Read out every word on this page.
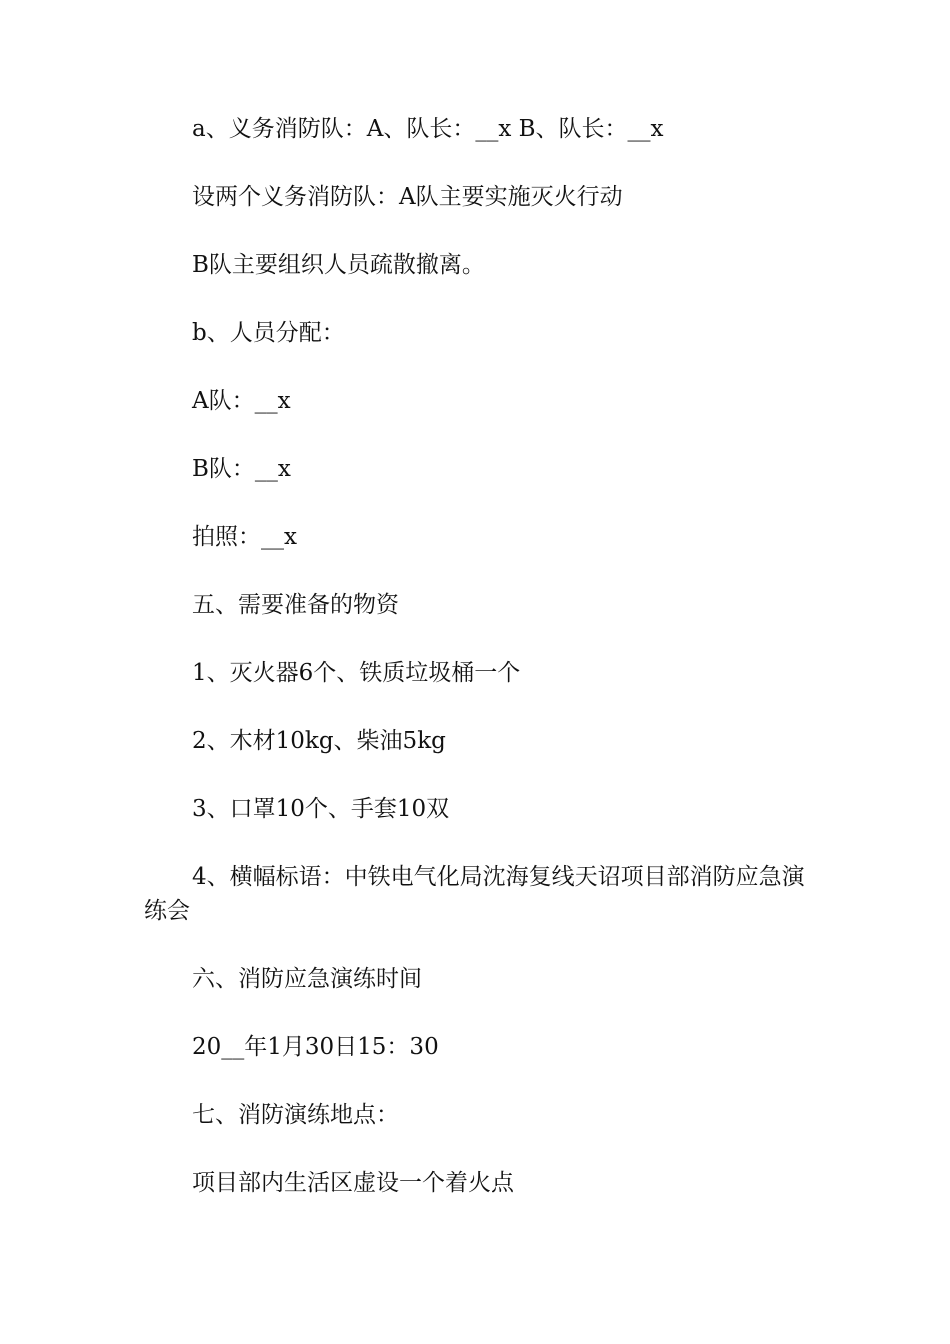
a、义务消防队：A、队长：__x B、队长：__x

设两个义务消防队：A队主要实施灭火行动

B队主要组织人员疏散撤离。

b、人员分配：

A队：__x

B队：__x

拍照：__x

五、需要准备的物资

1、灭火器6个、铁质垃圾桶一个

2、木材10kg、柴油5kg

3、口罩10个、手套10双

4、横幅标语：中铁电气化局沈海复线天诏项目部消防应急演练会

六、消防应急演练时间

20__年1月30日15：30

七、消防演练地点：

项目部内生活区虚设一个着火点
